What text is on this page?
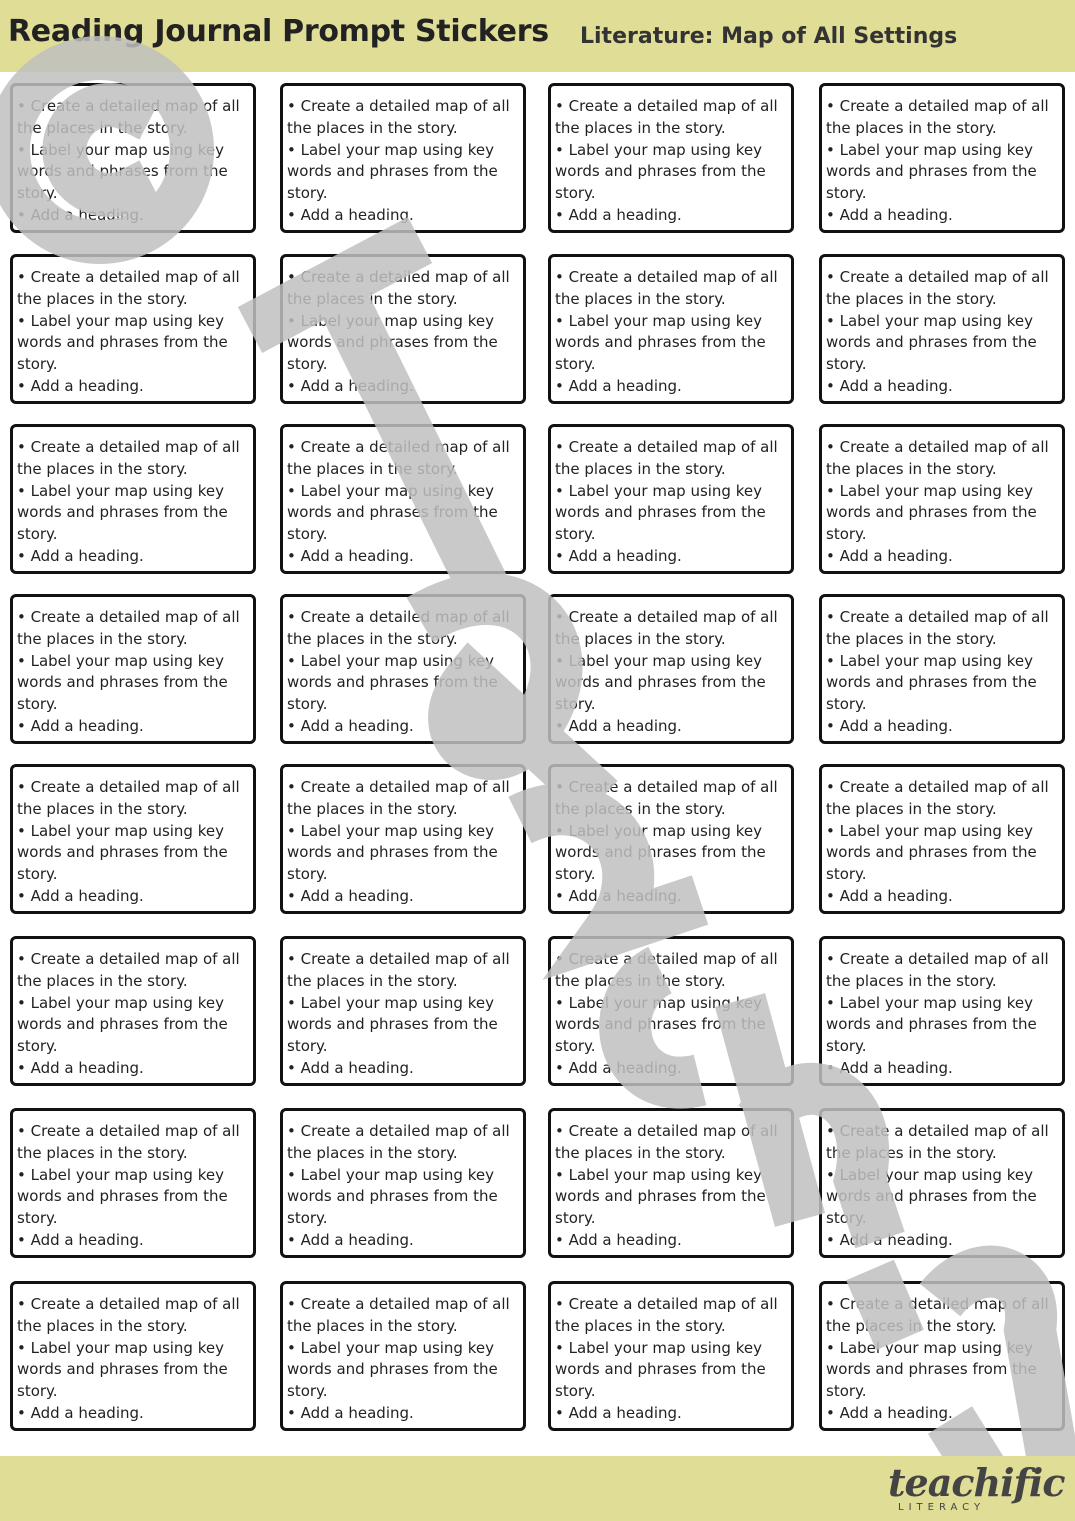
Reading Journal Prompt Stickers Literature: Map of All Settings
• Create a detailed map of all
the places in the story.
• Label your map using key
words and phrases from the
story.
• Add a heading.
• Create a detailed map of all
the places in the story.
• Label your map using key
words and phrases from the
story.
• Add a heading.
• Create a detailed map of all
the places in the story.
• Label your map using key
words and phrases from the
story.
• Add a heading.
• Create a detailed map of all
the places in the story.
• Label your map using key
words and phrases from the
story.
• Add a heading.
• Create a detailed map of all
the places in the story.
• Label your map using key
words and phrases from the
story.
• Add a heading.
• Create a detailed map of all
the places in the story.
• Label your map using key
words and phrases from the
story.
• Add a heading.
• Create a detailed map of all
the places in the story.
• Label your map using key
words and phrases from the
story.
• Add a heading.
• Create a detailed map of all
the places in the story.
• Label your map using key
words and phrases from the
story.
• Add a heading.
• Create a detailed map of all
the places in the story.
• Label your map using key
words and phrases from the
story.
• Add a heading.
• Create a detailed map of all
the places in the story.
• Label your map using key
words and phrases from the
story.
• Add a heading.
• Create a detailed map of all
the places in the story.
• Label your map using key
words and phrases from the
story.
• Add a heading.
• Create a detailed map of all
the places in the story.
• Label your map using key
words and phrases from the
story.
• Add a heading.
• Create a detailed map of all
the places in the story.
• Label your map using key
words and phrases from the
story.
• Add a heading.
• Create a detailed map of all
the places in the story.
• Label your map using key
words and phrases from the
story.
• Add a heading.
• Create a detailed map of all
the places in the story.
• Label your map using key
words and phrases from the
story.
• Add a heading.
• Create a detailed map of all
the places in the story.
• Label your map using key
words and phrases from the
story.
• Add a heading.
• Create a detailed map of all
the places in the story.
• Label your map using key
words and phrases from the
story.
• Add a heading.
• Create a detailed map of all
the places in the story.
• Label your map using key
words and phrases from the
story.
• Add a heading.
• Create a detailed map of all
the places in the story.
• Label your map using key
words and phrases from the
story.
• Add a heading.
• Create a detailed map of all
the places in the story.
• Label your map using key
words and phrases from the
story.
• Add a heading.
• Create a detailed map of all
the places in the story.
• Label your map using key
words and phrases from the
story.
• Add a heading.
• Create a detailed map of all
the places in the story.
• Label your map using key
words and phrases from the
story.
• Add a heading.
• Create a detailed map of all
the places in the story.
• Label your map using key
words and phrases from the
story.
• Add a heading.
• Create a detailed map of all
the places in the story.
• Label your map using key
words and phrases from the
story.
• Add a heading.
• Create a detailed map of all
the places in the story.
• Label your map using key
words and phrases from the
story.
• Add a heading.
• Create a detailed map of all
the places in the story.
• Label your map using key
words and phrases from the
story.
• Add a heading.
• Create a detailed map of all
the places in the story.
• Label your map using key
words and phrases from the
story.
• Add a heading.
• Create a detailed map of all
the places in the story.
• Label your map using key
words and phrases from the
story.
• Add a heading.
• Create a detailed map of all
the places in the story.
• Label your map using key
words and phrases from the
story.
• Add a heading.
• Create a detailed map of all
the places in the story.
• Label your map using key
words and phrases from the
story.
• Add a heading.
• Create a detailed map of all
the places in the story.
• Label your map using key
words and phrases from the
story.
• Add a heading.
• Create a detailed map of all
the places in the story.
• Label your map using key
words and phrases from the
story.
• Add a heading.
teachific
LITERACY
